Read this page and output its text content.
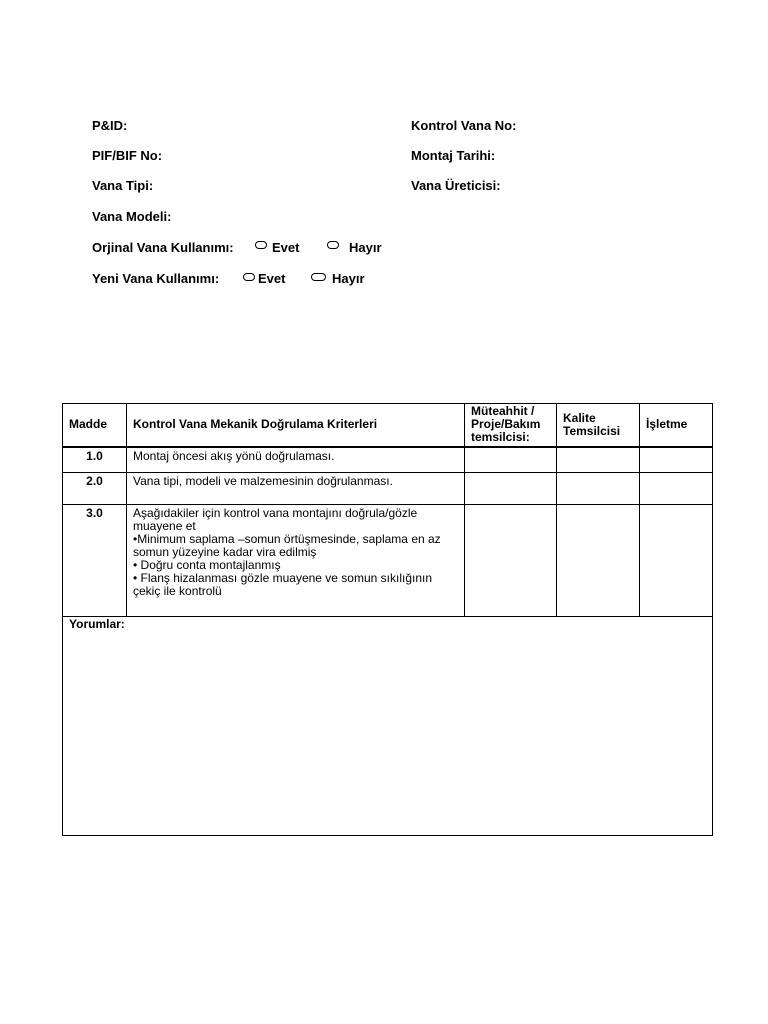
P&ID:	Kontrol Vana No:
PIF/BIF No:	Montaj Tarihi:
Vana Tipi:	Vana Üreticisi:
Vana Modeli:
Orjinal Vana Kullanımı:	Evet	Hayır
Yeni Vana Kullanımı:	Evet	Hayır
Madde	Kontrol Vana Mekanik Doğrulama Kriterleri	Müteahhit / Proje/Bakım temsilcisi:	Kalite Temsilcisi	İşletme
1.0	Montaj öncesi akış yönü doğrulaması.			

2.0	Vana tipi, modeli ve malzemesinin doğrulanması.			

3.0	Aşağıdakiler için kontrol vana montajını doğrula/gözle muayene et
•Minimum saplama –somun örtüşmesinde, saplama en az somun yüzeyine kadar vira edilmiş
• Doğru conta montajlanmış
• Flanş hizalanması gözle muayene ve somun sıkılığının çekiç ile kontrolü			

Yorumlar:				
